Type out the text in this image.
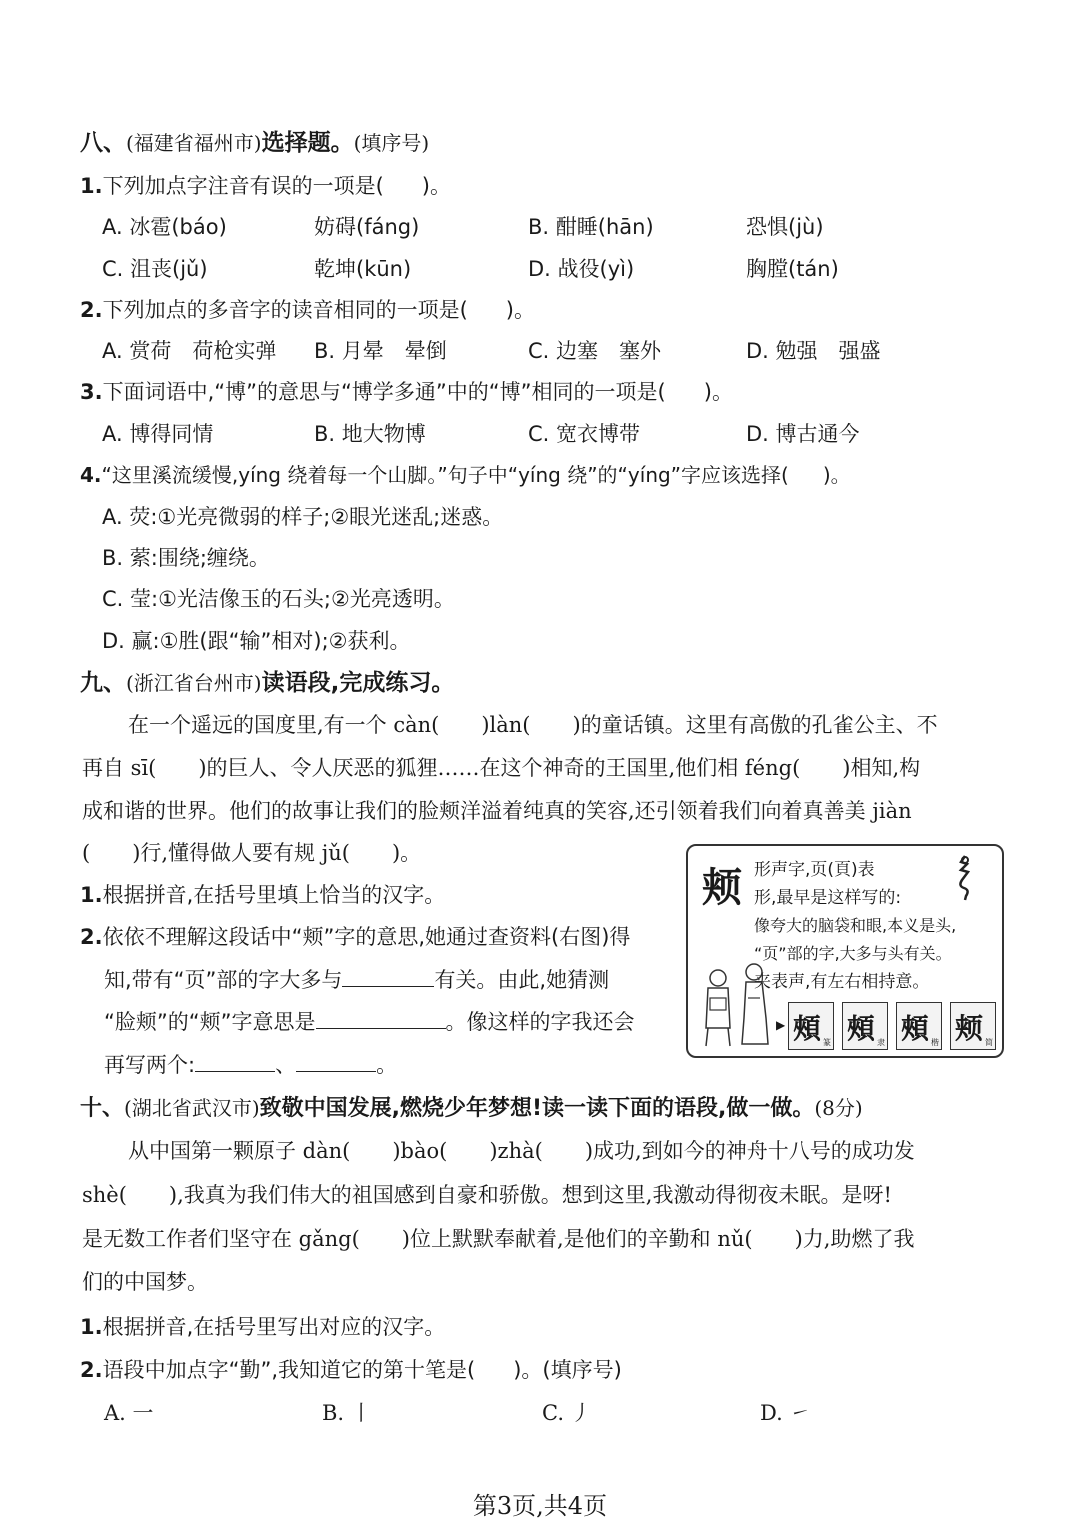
八、(福建省福州市)选择题。(填序号)
1.下列加点字注音有误的一项是( )。
A. 冰雹(báo)	妨碍(fáng)	B. 酣睡(hān)	恐惧(jù)
C. 沮丧(jǔ)	乾坤(kūn)	D. 战役(yì)	胸膛(tán)
2.下列加点的多音字的读音相同的一项是( )。
A. 赏荷　荷枪实弹 B. 月晕　晕倒	C. 边塞　塞外	D. 勉强　强盛
3.下面词语中,“博”的意思与“博学多通”中的“博”相同的一项是( )。
A. 博得同情	B. 地大物博	C. 宽衣博带	D. 博古通今
4.“这里溪流缓慢,yíng 绕着每一个山脚。”句子中“yíng 绕”的“yíng”字应该选择( )。
A. 荧:①光亮微弱的样子;②眼光迷乱;迷惑。
B. 萦:围绕;缠绕。
C. 莹:①光洁像玉的石头;②光亮透明。
D. 赢:①胜(跟“输”相对);②获利。
九、(浙江省台州市)读语段,完成练习。
在一个遥远的国度里,有一个 càn(　　)làn(　　)的童话镇。这里有高傲的孔雀公主、不
再自 sī(　　)的巨人、令人厌恶的狐狸……在这个神奇的王国里,他们相 féng(　　)相知,构
成和谐的世界。他们的故事让我们的脸颊洋溢着纯真的笑容,还引领着我们向着真善美 jiàn
(　　)行,懂得做人要有规 jǔ(　　)。
1.根据拼音,在括号里填上恰当的汉字。
2.依依不理解这段话中“颊”字的意思,她通过查资料(右图)得
知,带有“页”部的字大多与	有关。由此,她猜测
“脸颊”的“颊”字意思是	。像这样的字我还会
再写两个:	、	。
颊 形声字,页(頁)表
形,最早是这样写的:
像夸大的脑袋和眼,本义是头,
“页”部的字,大多与头有关。
夹表声,有左右相持意。
▶ 頰 篆 頰 隶 頰 楷 颊 简
十、(湖北省武汉市)致敬中国发展,燃烧少年梦想!读一读下面的语段,做一做。(8分)
从中国第一颗原子 dàn(　　)bào(　　)zhà(　　)成功,到如今的神舟十八号的成功发
shè(　　),我真为我们伟大的祖国感到自豪和骄傲。想到这里,我激动得彻夜未眠。是呀!
是无数工作者们坚守在 gǎng(　　)位上默默奉献着,是他们的辛勤和 nǔ(　　)力,助燃了我
们的中国梦。
1.根据拼音,在括号里写出对应的汉字。
2.语段中加点字“勤”,我知道它的第十笔是( )。(填序号)
A. 一	B. 丨	C. 丿	D. ㇀
第3页,共4页
